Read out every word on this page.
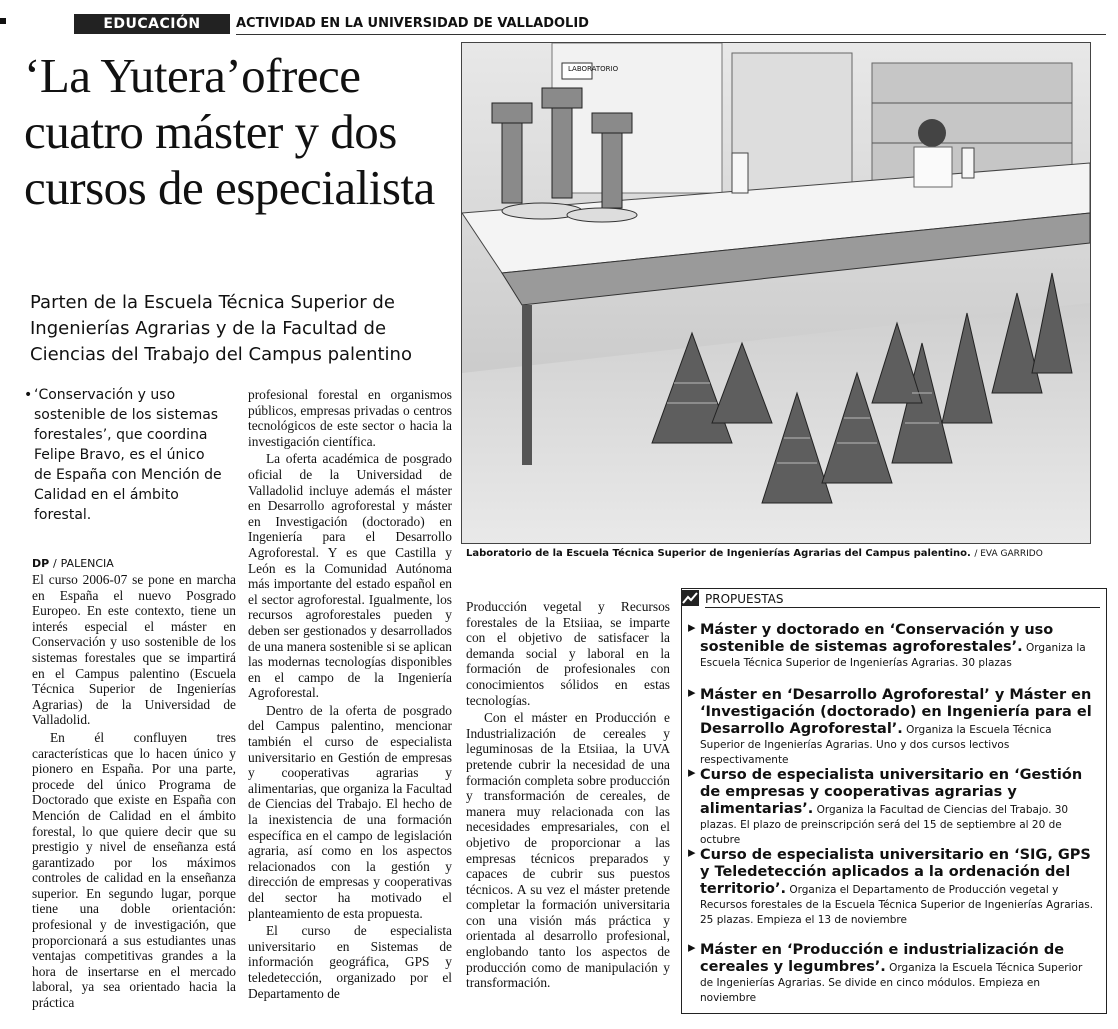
EDUCACIÓN	ACTIVIDAD EN LA UNIVERSIDAD DE VALLADOLID
‘La Yutera’ofrece cuatro máster y dos cursos de especialista

Parten de la Escuela Técnica Superior de Ingenierías Agrarias y de la Facultad de Ciencias del Trabajo del Campus palentino

• ‘Conservación y uso sostenible de los sistemas forestales’, que coordina Felipe Bravo, es el único de España con Mención de Calidad en el ámbito forestal.
DP / PALENCIA

El curso 2006-07 se pone en marcha en España el nuevo Posgrado Europeo. En este contexto, tiene un interés especial el máster en Conservación y uso sostenible de los sistemas forestales que se impartirá en el Campus palentino (Escuela Técnica Superior de Ingenierías Agrarias) de la Universidad de Valladolid.

En él confluyen tres características que lo hacen único y pionero en España. Por una parte, procede del único Programa de Doctorado que existe en España con Mención de Calidad en el ámbito forestal, lo que quiere decir que su prestigio y nivel de enseñanza está garantizado por los máximos controles de calidad en la enseñanza superior. En segundo lugar, porque tiene una doble orientación: profesional y de investigación, que proporcionará a sus estudiantes unas ventajas competitivas grandes a la hora de insertarse en el mercado laboral, ya sea orientado hacia la práctica

profesional forestal en organismos públicos, empresas privadas o centros tecnológicos de este sector o hacia la investigación científica.

La oferta académica de posgrado oficial de la Universidad de Valladolid incluye además el máster en Desarrollo agroforestal y máster en Investigación (doctorado) en Ingeniería para el Desarrollo Agroforestal. Y es que Castilla y León es la Comunidad Autónoma más importante del estado español en el sector agroforestal. Igualmente, los recursos agroforestales pueden y deben ser gestionados y desarrollados de una manera sostenible si se aplican las modernas tecnologías disponibles en el campo de la Ingeniería Agroforestal.

Dentro de la oferta de posgrado del Campus palentino, mencionar también el curso de especialista universitario en Gestión de empresas y cooperativas agrarias y alimentarias, que organiza la Facultad de Ciencias del Trabajo. El hecho de la inexistencia de una formación específica en el campo de legislación agraria, así como en los aspectos relacionados con la gestión y dirección de empresas y cooperativas del sector ha motivado el planteamiento de esta propuesta.

El curso de especialista universitario en Sistemas de información geográfica, GPS y teledetección, organizado por el Departamento de

Producción vegetal y Recursos forestales de la Etsiiaa, se imparte con el objetivo de satisfacer la demanda social y laboral en la formación de profesionales con conocimientos sólidos en estas tecnologías.

Con el máster en Producción e Industrialización de cereales y leguminosas de la Etsiiaa, la UVA pretende cubrir la necesidad de una formación completa sobre producción y transformación de cereales, de manera muy relacionada con las necesidades empresariales, con el objetivo de proporcionar a las empresas técnicos preparados y capaces de cubrir sus puestos técnicos. A su vez el máster pretende completar la formación universitaria con una visión más práctica y orientada al desarrollo profesional, englobando tanto los aspectos de producción como de manipulación y transformación.

LABORATORIO
Laboratorio de la Escuela Técnica Superior de Ingenierías Agrarias del Campus palentino. / EVA GARRIDO
PROPUESTAS
▸ Máster y doctorado en ‘Conservación y uso sostenible de sistemas agroforestales’. Organiza la Escuela Técnica Superior de Ingenierías Agrarias. 30 plazas
▸ Máster en ‘Desarrollo Agroforestal’ y Máster en ‘Investigación (doctorado) en Ingeniería para el Desarrollo Agroforestal’. Organiza la Escuela Técnica Superior de Ingenierías Agrarias. Uno y dos cursos lectivos respectivamente
▸ Curso de especialista universitario en ‘Gestión de empresas y cooperativas agrarias y alimentarias’. Organiza la Facultad de Ciencias del Trabajo. 30 plazas. El plazo de preinscripción será del 15 de septiembre al 20 de octubre
▸ Curso de especialista universitario en ‘SIG, GPS y Teledetección aplicados a la ordenación del territorio’. Organiza el Departamento de Producción vegetal y Recursos forestales de la Escuela Técnica Superior de Ingenierías Agrarias. 25 plazas. Empieza el 13 de noviembre
▸ Máster en ‘Producción e industrialización de cereales y legumbres’. Organiza la Escuela Técnica Superior de Ingenierías Agrarias. Se divide en cinco módulos. Empieza en noviembre
